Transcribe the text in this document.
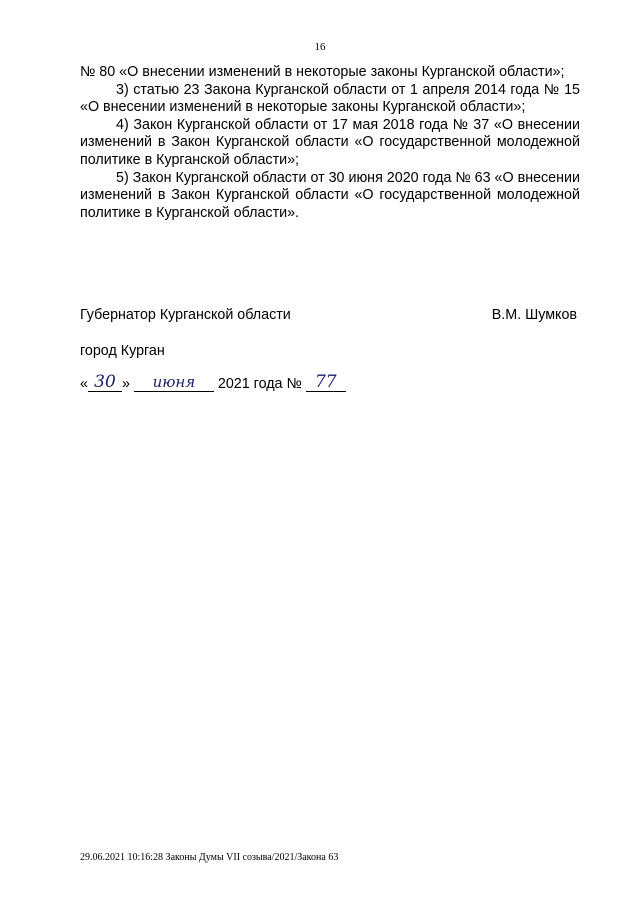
16

№ 80 «О внесении изменений в некоторые законы Курганской области»;

3) статью 23 Закона Курганской области от 1 апреля 2014 года № 15 «О внесении изменений в некоторые законы Курганской области»;

4) Закон Курганской области от 17 мая 2018 года № 37 «О внесении изменений в Закон Курганской области «О государственной молодежной политике в Курганской области»;

5) Закон Курганской области от 30 июня 2020 года № 63 «О внесении изменений в Закон Курганской области «О государственной молодежной политике в Курганской области».

Губернатор Курганской области	В.М. Шумков
город Курган
« 30 » июня 2021 года № 77
29.06.2021 10:16:28 Законы Думы VII созыва/2021/Закона 63
